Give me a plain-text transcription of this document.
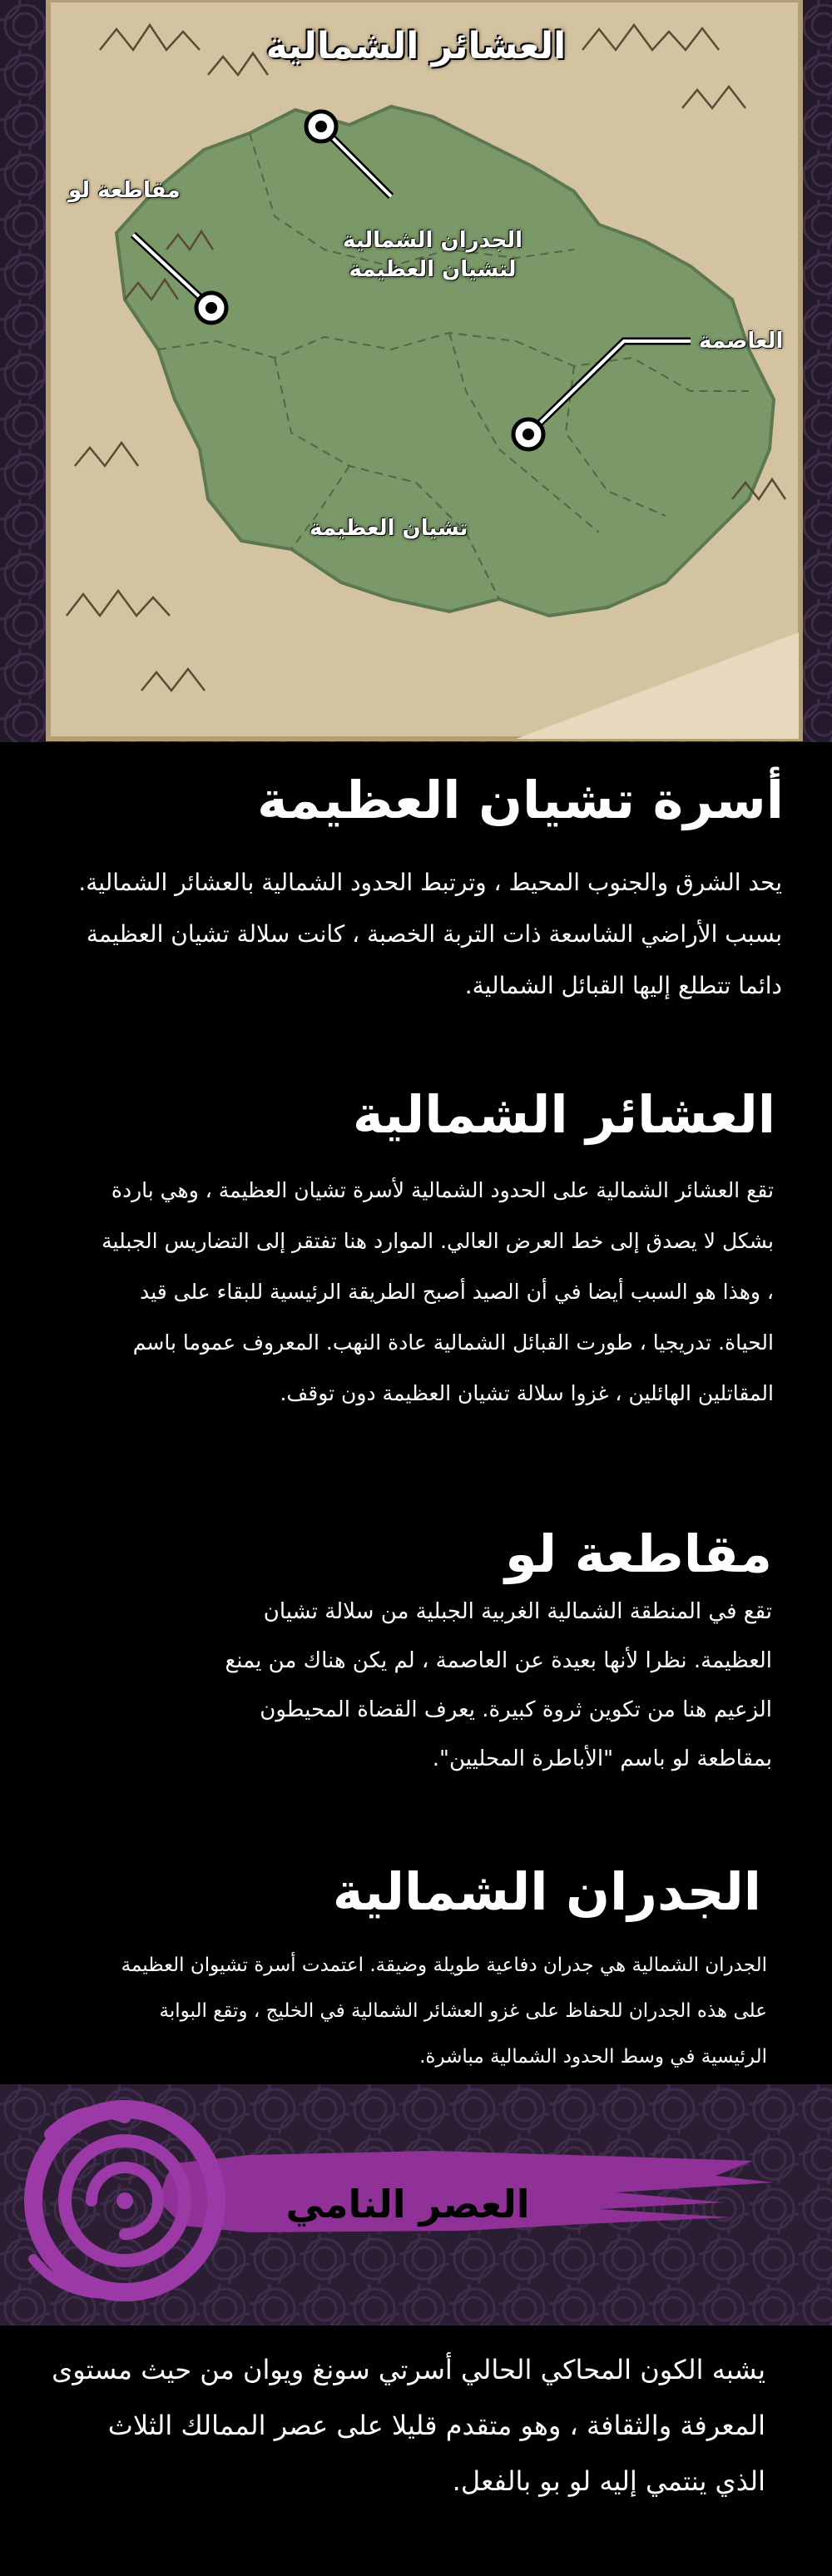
العشائر الشمالية
مقاطعة لو
الجدران الشمالية
لتشيان العظيمة
العاصمة
تشيان العظيمة
أسرة تشيان العظيمة
يحد الشرق والجنوب المحيط ، وترتبط الحدود الشمالية بالعشائر الشمالية. بسبب الأراضي الشاسعة ذات التربة الخصبة ، كانت سلالة تشيان العظيمة دائما تتطلع إليها القبائل الشمالية.
العشائر الشمالية
تقع العشائر الشمالية على الحدود الشمالية لأسرة تشيان العظيمة ، وهي باردة بشكل لا يصدق إلى خط العرض العالي. الموارد هنا تفتقر إلى التضاريس الجبلية ، وهذا هو السبب أيضا في أن الصيد أصبح الطريقة الرئيسية للبقاء على قيد الحياة. تدريجيا ، طورت القبائل الشمالية عادة النهب. المعروف عموما باسم المقاتلين الهائلين ، غزوا سلالة تشيان العظيمة دون توقف.
مقاطعة لو
تقع في المنطقة الشمالية الغربية الجبلية من سلالة تشيان العظيمة. نظرا لأنها بعيدة عن العاصمة ، لم يكن هناك من يمنع الزعيم هنا من تكوين ثروة كبيرة. يعرف القضاة المحيطون بمقاطعة لو باسم "الأباطرة المحليين".
الجدران الشمالية
الجدران الشمالية هي جدران دفاعية طويلة وضيقة. اعتمدت أسرة تشيوان العظيمة على هذه الجدران للحفاظ على غزو العشائر الشمالية في الخليج ، وتقع البوابة الرئيسية في وسط الحدود الشمالية مباشرة.
العصر النامي
يشبه الكون المحاكي الحالي أسرتي سونغ ويوان من حيث مستوى المعرفة والثقافة ، وهو متقدم قليلا على عصر الممالك الثلاث الذي ينتمي إليه لو بو بالفعل.
